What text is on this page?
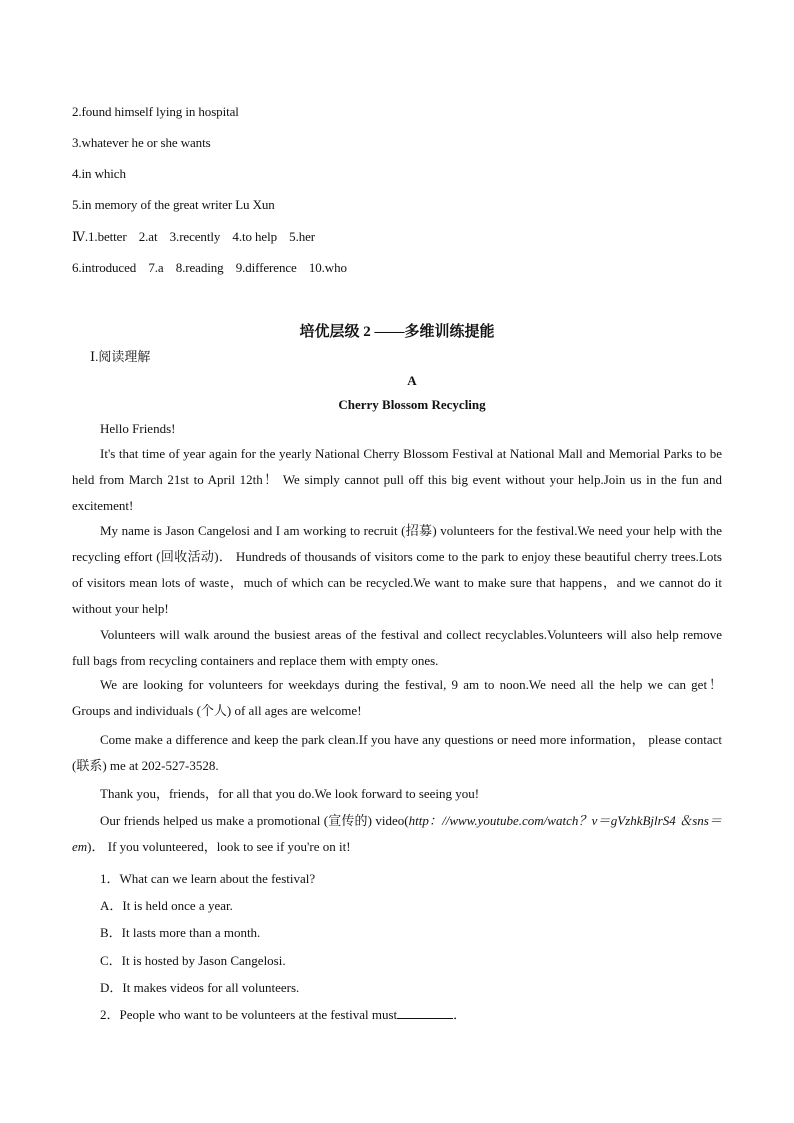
2.found himself lying in hospital
3.whatever he or she wants
4.in which
5.in memory of the great writer Lu Xun
Ⅳ.1.better 2.at 3.recently 4.to help 5.her
6.introduced 7.a 8.reading 9.difference 10.who
培优层级 2 ——多维训练提能
Ⅰ.阅读理解
A
Cherry Blossom Recycling
Hello Friends!
It's that time of year again for the yearly National Cherry Blossom Festival at National Mall and Memorial Parks to be held from March 21st to April 12th！ We simply cannot pull off this big event without your help.Join us in the fun and excitement!
My name is Jason Cangelosi and I am working to recruit (招募) volunteers for the festival.We need your help with the recycling effort (回收活动)． Hundreds of thousands of visitors come to the park to enjoy these beautiful cherry trees.Lots of visitors mean lots of waste，much of which can be recycled.We want to make sure that happens，and we cannot do it without your help!
Volunteers will walk around the busiest areas of the festival and collect recyclables.Volunteers will also help remove full bags from recycling containers and replace them with empty ones.
We are looking for volunteers for weekdays during the festival, 9 am to noon.We need all the help we can get！ Groups and individuals (个人) of all ages are welcome!
Come make a difference and keep the park clean.If you have any questions or need more information， please contact (联系) me at 202-527-3528.
Thank you，friends，for all that you do.We look forward to seeing you!
Our friends helped us make a promotional (宣传的) video(http：//www.youtube.com/watch？v＝gVzhkBjlrS4 ＆sns＝em)． If you volunteered，look to see if you're on it!
1．What can we learn about the festival?
A．It is held once a year.
B．It lasts more than a month.
C．It is hosted by Jason Cangelosi.
D．It makes videos for all volunteers.
2．People who want to be volunteers at the festival must	．
